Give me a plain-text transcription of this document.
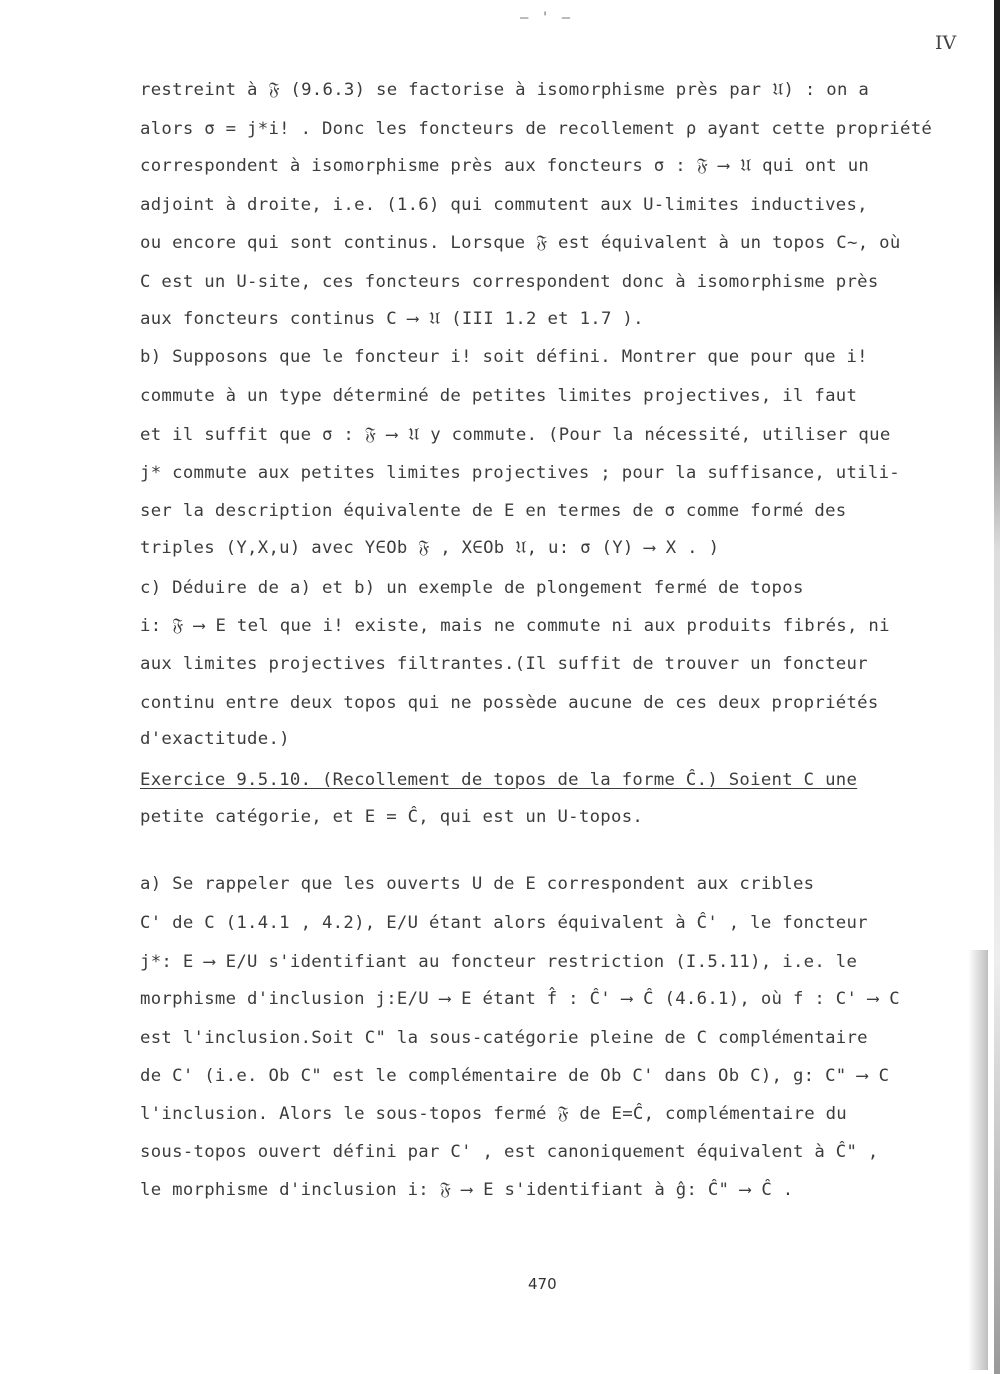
– ' –
IV
restreint à 𝔉 (9.6.3) se factorise à isomorphisme près par 𝔘) : on a
alors σ = j*i! . Donc les foncteurs de recollement ρ ayant cette propriété
correspondent à isomorphisme près aux foncteurs σ : 𝔉 ⟶ 𝔘 qui ont un
adjoint à droite, i.e. (1.6) qui commutent aux U-limites inductives,
ou encore qui sont continus. Lorsque 𝔉 est équivalent à un topos C~, où
C est un U-site, ces foncteurs correspondent donc à isomorphisme près
aux foncteurs continus C ⟶ 𝔘 (III 1.2 et 1.7 ).
b) Supposons que le foncteur i! soit défini. Montrer que pour que i!
commute à un type déterminé de petites limites projectives, il faut
et il suffit que σ : 𝔉 ⟶ 𝔘 y commute. (Pour la nécessité, utiliser que
j* commute aux petites limites projectives ; pour la suffisance, utili-
ser la description équivalente de E en termes de σ comme formé des
triples (Y,X,u) avec Y∈Ob 𝔉 , X∈Ob 𝔘, u: σ (Y) ⟶ X . )
c) Déduire de a) et b) un exemple de plongement fermé de topos
i: 𝔉 ⟶ E tel que i! existe, mais ne commute ni aux produits fibrés, ni
aux limites projectives filtrantes.(Il suffit de trouver un foncteur
continu entre deux topos qui ne possède aucune de ces deux propriétés
d'exactitude.)
Exercice 9.5.10. (Recollement de topos de la forme Ĉ.) Soient C une
petite catégorie, et E = Ĉ, qui est un U-topos.
a) Se rappeler que les ouverts U de E correspondent aux cribles
C' de C (1.4.1 , 4.2), E/U étant alors équivalent à Ĉ' , le foncteur
j*: E ⟶ E/U s'identifiant au foncteur restriction (I.5.11), i.e. le
morphisme d'inclusion j:E/U ⟶ E étant f̂ : Ĉ' ⟶ Ĉ (4.6.1), où f : C' ⟶ C
est l'inclusion.Soit C" la sous-catégorie pleine de C complémentaire
de C' (i.e. Ob C" est le complémentaire de Ob C' dans Ob C), g: C" ⟶ C
l'inclusion. Alors le sous-topos fermé 𝔉 de E=Ĉ, complémentaire du
sous-topos ouvert défini par C' , est canoniquement équivalent à Ĉ" ,
le morphisme d'inclusion i: 𝔉 ⟶ E s'identifiant à ĝ: Ĉ" ⟶ Ĉ .
470
